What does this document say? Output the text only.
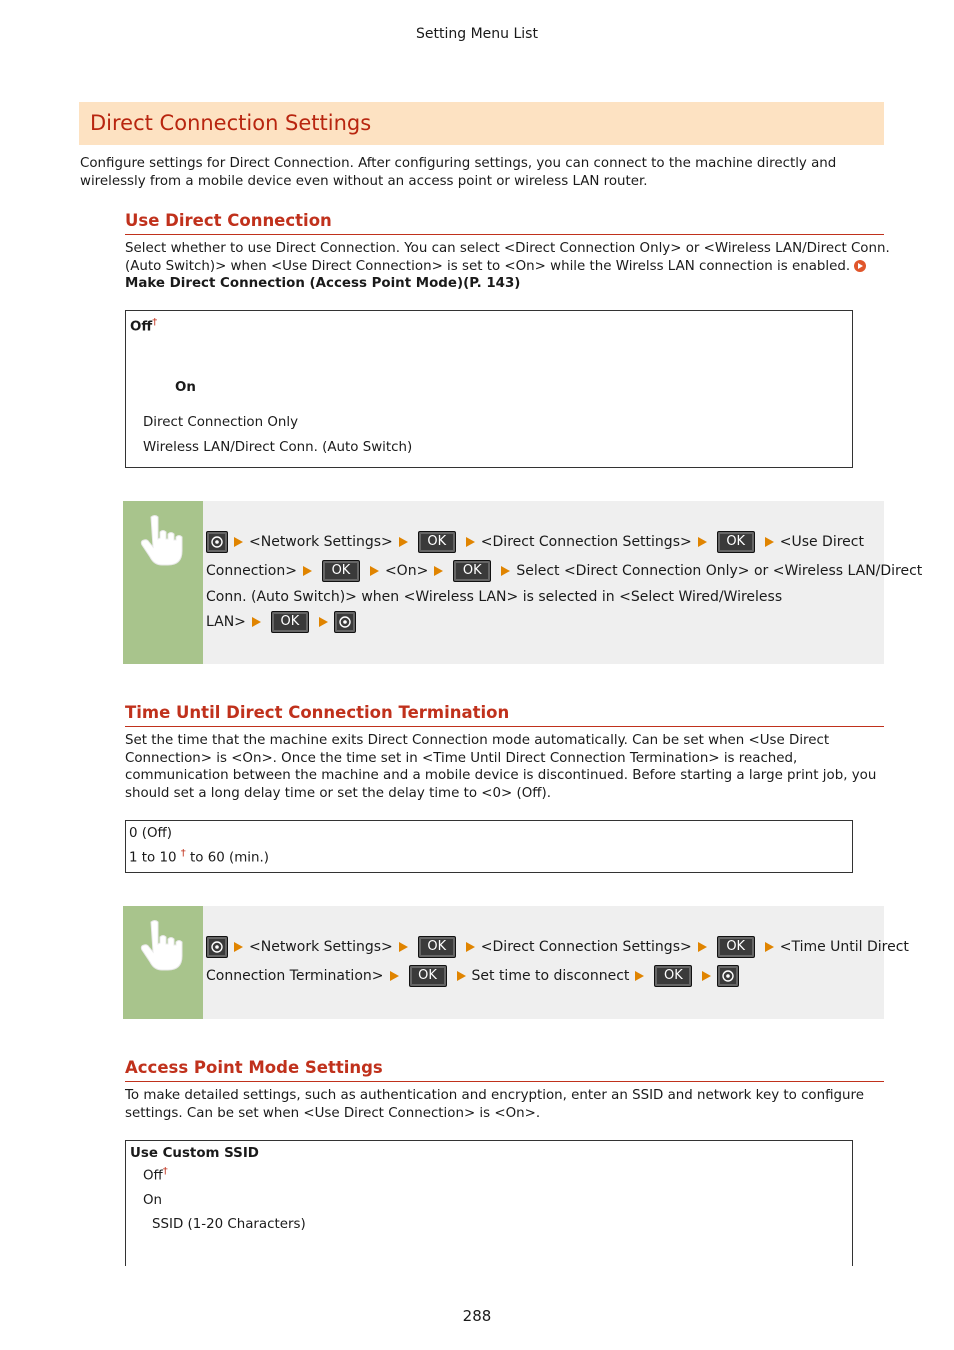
Setting Menu List
Direct Connection Settings
Configure settings for Direct Connection. After configuring settings, you can connect to the machine directly and
wirelessly from a mobile device even without an access point or wireless LAN router.
Use Direct Connection
Select whether to use Direct Connection. You can select <Direct Connection Only> or <Wireless LAN/Direct Conn.
(Auto Switch)> when <Use Direct Connection> is set to <On> while the Wirelss LAN connection is enabled.
Make Direct Connection (Access Point Mode)(P. 143)
Off†
On
Direct Connection Only
Wireless LAN/Direct Conn. (Auto Switch)
<Network Settings>	OK <Direct Connection Settings>	OK <Use Direct
Connection>	OK <On>	OK Select <Direct Connection Only> or <Wireless LAN/Direct
Conn. (Auto Switch)> when <Wireless LAN> is selected in <Select Wired/Wireless
LAN>	OK
Time Until Direct Connection Termination
Set the time that the machine exits Direct Connection mode automatically. Can be set when <Use Direct
Connection> is <On>. Once the time set in <Time Until Direct Connection Termination> is reached,
communication between the machine and a mobile device is discontinued. Before starting a large print job, you
should set a long delay time or set the delay time to <0> (Off).
0 (Off)
1 to 10 † to 60 (min.)
<Network Settings>	OK <Direct Connection Settings>	OK <Time Until Direct
Connection Termination>	OK Set time to disconnect	OK
Access Point Mode Settings
To make detailed settings, such as authentication and encryption, enter an SSID and network key to configure
settings. Can be set when <Use Direct Connection> is <On>.
Use Custom SSID
Off†
On
SSID (1-20 Characters)
288
